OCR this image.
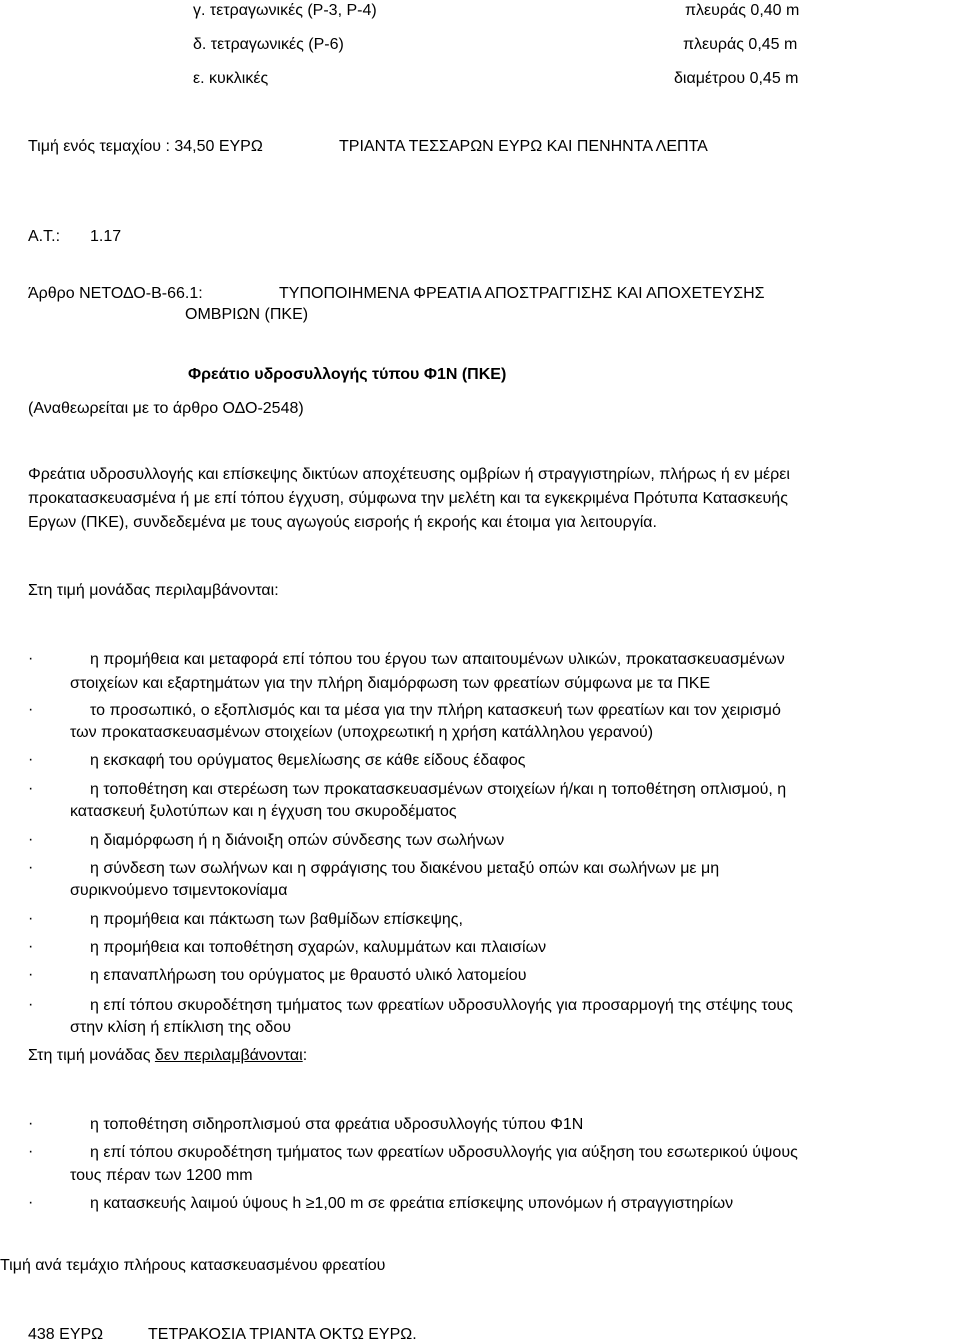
γ. τετραγωνικές (Ρ-3, Ρ-4)	πλευράς 0,40 m
δ. τετραγωνικές (Ρ-6)	πλευράς 0,45 m
ε. κυκλικές	διαμέτρου 0,45 m
Τιμή ενός τεμαχίου : 34,50 ΕΥΡΩ	ΤΡΙΑΝΤΑ ΤΕΣΣΑΡΩΝ ΕΥΡΩ ΚΑΙ ΠΕΝΗΝΤΑ ΛΕΠΤΑ
Α.Τ.: 1.17
Άρθρο ΝΕΤΟΔΟ-Β-66.1:	ΤΥΠΟΠΟΙΗΜΕΝΑ ΦΡΕΑΤΙΑ ΑΠΟΣΤΡΑΓΓΙΣΗΣ ΚΑΙ ΑΠΟΧΕΤΕΥΣΗΣ
ΟΜΒΡΙΩΝ (ΠΚΕ)
Φρεάτιο υδροσυλλογής τύπου Φ1Ν (ΠΚΕ)
(Αναθεωρείται με το άρθρο ΟΔΟ-2548)
Φρεάτια υδροσυλλογής και επίσκεψης δικτύων αποχέτευσης ομβρίων ή στραγγιστηρίων, πλήρως ή εν μέρει
προκατασκευασμένα ή με επί τόπου έγχυση, σύμφωνα την μελέτη και τα εγκεκριμένα Πρότυπα Κατασκευής
Εργων (ΠΚΕ), συνδεδεμένα με τους αγωγούς εισροής ή εκροής και έτοιμα για λειτουργία.
Στη τιμή μονάδας περιλαμβάνονται:
·	η προμήθεια και μεταφορά επί τόπου του έργου των απαιτουμένων υλικών, προκατασκευασμένων
στοιχείων και εξαρτημάτων για την πλήρη διαμόρφωση των φρεατίων σύμφωνα με τα ΠΚΕ
·	το προσωπικό, ο εξοπλισμός και τα μέσα για την πλήρη κατασκευή των φρεατίων και τον χειρισμό
των προκατασκευασμένων στοιχείων (υποχρεωτική η χρήση κατάλληλου γερανού)
·	η εκσκαφή του ορύγματος θεμελίωσης σε κάθε είδους έδαφος
·	η τοποθέτηση και στερέωση των προκατασκευασμένων στοιχείων ή/και η τοποθέτηση οπλισμού, η
κατασκευή ξυλοτύπων και η έγχυση του σκυροδέματος
·	η διαμόρφωση ή η διάνοιξη οπών σύνδεσης των σωλήνων
·	η σύνδεση των σωλήνων και η σφράγισης του διακένου μεταξύ οπών και σωλήνων με μη
συρικνούμενο τσιμεντοκονίαμα
·	η προμήθεια και πάκτωση των βαθμίδων επίσκεψης,
·	η προμήθεια και τοποθέτηση σχαρών, καλυμμάτων και πλαισίων
·	η επαναπλήρωση του ορύγματος με θραυστό υλικό λατομείου
·	η επί τόπου σκυροδέτηση τμήματος των φρεατίων υδροσυλλογής για προσαρμογή της στέψης τους
στην κλίση ή επίκλιση της οδου
Στη τιμή μονάδας δεν περιλαμβάνονται:
·	η τοποθέτηση σιδηροπλισμού στα φρεάτια υδροσυλλογής τύπου Φ1Ν
·	η επί τόπου σκυροδέτηση τμήματος των φρεατίων υδροσυλλογής για αύξηση του εσωτερικού ύψους
τους πέραν των 1200 mm
·	η κατασκευής λαιμού ύψους h ≥1,00 m σε φρεάτια επίσκεψης υπονόμων ή στραγγιστηρίων
Τιμή ανά τεμάχιο πλήρους κατασκευασμένου φρεατίου
438 ΕΥΡΩ	ΤΕΤΡΑΚΟΣΙΑ ΤΡΙΑΝΤΑ ΟΚΤΩ ΕΥΡΩ.
